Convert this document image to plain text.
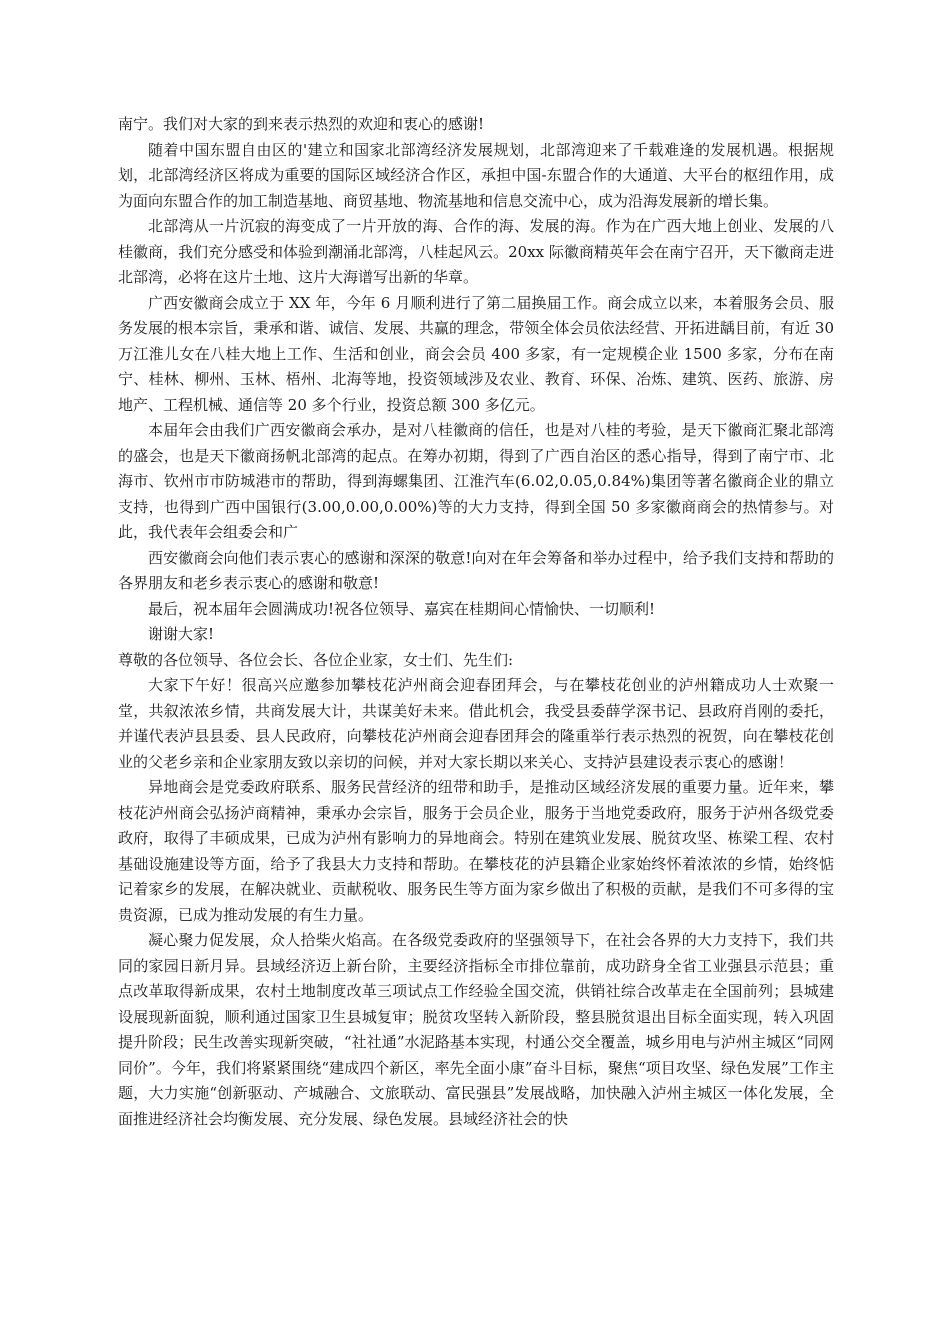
南宁。我们对大家的到来表示热烈的欢迎和衷心的感谢!

随着中国东盟自由区的'建立和国家北部湾经济发展规划，北部湾迎来了千载难逢的发展机遇。根据规划，北部湾经济区将成为重要的国际区域经济合作区，承担中国-东盟合作的大通道、大平台的枢纽作用，成为面向东盟合作的加工制造基地、商贸基地、物流基地和信息交流中心，成为沿海发展新的增长集。

北部湾从一片沉寂的海变成了一片开放的海、合作的海、发展的海。作为在广西大地上创业、发展的八桂徽商，我们充分感受和体验到潮涌北部湾，八桂起风云。20xx 际徽商精英年会在南宁召开，天下徽商走进北部湾，必将在这片土地、这片大海谱写出新的华章。

广西安徽商会成立于 XX 年，今年 6 月顺利进行了第二届换届工作。商会成立以来，本着服务会员、服务发展的根本宗旨，秉承和谐、诚信、发展、共赢的理念，带领全体会员依法经营、开拓进龋目前，有近 30 万江淮儿女在八桂大地上工作、生活和创业，商会会员 400 多家，有一定规模企业 1500 多家，分布在南宁、桂林、柳州、玉林、梧州、北海等地，投资领域涉及农业、教育、环保、冶炼、建筑、医药、旅游、房地产、工程机械、通信等 20 多个行业，投资总额 300 多亿元。

本届年会由我们广西安徽商会承办，是对八桂徽商的信任，也是对八桂的考验，是天下徽商汇聚北部湾的盛会，也是天下徽商扬帆北部湾的起点。在筹办初期，得到了广西自治区的悉心指导，得到了南宁市、北海市、钦州市市防城港市的帮助，得到海螺集团、江淮汽车(6.02,0.05,0.84%)集团等著名徽商企业的鼎立支持，也得到广西中国银行(3.00,0.00,0.00%)等的大力支持，得到全国 50 多家徽商商会的热情参与。对此，我代表年会组委会和广

西安徽商会向他们表示衷心的感谢和深深的敬意!向对在年会筹备和举办过程中，给予我们支持和帮助的各界朋友和老乡表示衷心的感谢和敬意!

最后，祝本届年会圆满成功!祝各位领导、嘉宾在桂期间心情愉快、一切顺利!

谢谢大家!

尊敬的各位领导、各位会长、各位企业家，女士们、先生们:

大家下午好！很高兴应邀参加攀枝花泸州商会迎春团拜会，与在攀枝花创业的泸州籍成功人士欢聚一堂，共叙浓浓乡情，共商发展大计，共谋美好未来。借此机会，我受县委薛学深书记、县政府肖刚的委托，并谨代表泸县县委、县人民政府，向攀枝花泸州商会迎春团拜会的隆重举行表示热烈的祝贺，向在攀枝花创业的父老乡亲和企业家朋友致以亲切的问候，并对大家长期以来关心、支持泸县建设表示衷心的感谢！

异地商会是党委政府联系、服务民营经济的纽带和助手，是推动区域经济发展的重要力量。近年来，攀枝花泸州商会弘扬泸商精神，秉承办会宗旨，服务于会员企业，服务于当地党委政府，服务于泸州各级党委政府，取得了丰硕成果，已成为泸州有影响力的异地商会。特别在建筑业发展、脱贫攻坚、栋梁工程、农村基础设施建设等方面，给予了我县大力支持和帮助。在攀枝花的泸县籍企业家始终怀着浓浓的乡情，始终惦记着家乡的发展，在解决就业、贡献税收、服务民生等方面为家乡做出了积极的贡献，是我们不可多得的宝贵资源，已成为推动发展的有生力量。

凝心聚力促发展，众人拾柴火焰高。在各级党委政府的坚强领导下，在社会各界的大力支持下，我们共同的家园日新月异。县域经济迈上新台阶，主要经济指标全市排位靠前，成功跻身全省工业强县示范县；重点改革取得新成果，农村土地制度改革三项试点工作经验全国交流，供销社综合改革走在全国前列；县城建设展现新面貌，顺利通过国家卫生县城复审；脱贫攻坚转入新阶段，整县脱贫退出目标全面实现，转入巩固提升阶段；民生改善实现新突破，“社社通”水泥路基本实现，村通公交全覆盖，城乡用电与泸州主城区“同网同价”。今年，我们将紧紧围绕“建成四个新区，率先全面小康”奋斗目标，聚焦“项目攻坚、绿色发展”工作主题，大力实施“创新驱动、产城融合、文旅联动、富民强县”发展战略，加快融入泸州主城区一体化发展，全面推进经济社会均衡发展、充分发展、绿色发展。县域经济社会的快
